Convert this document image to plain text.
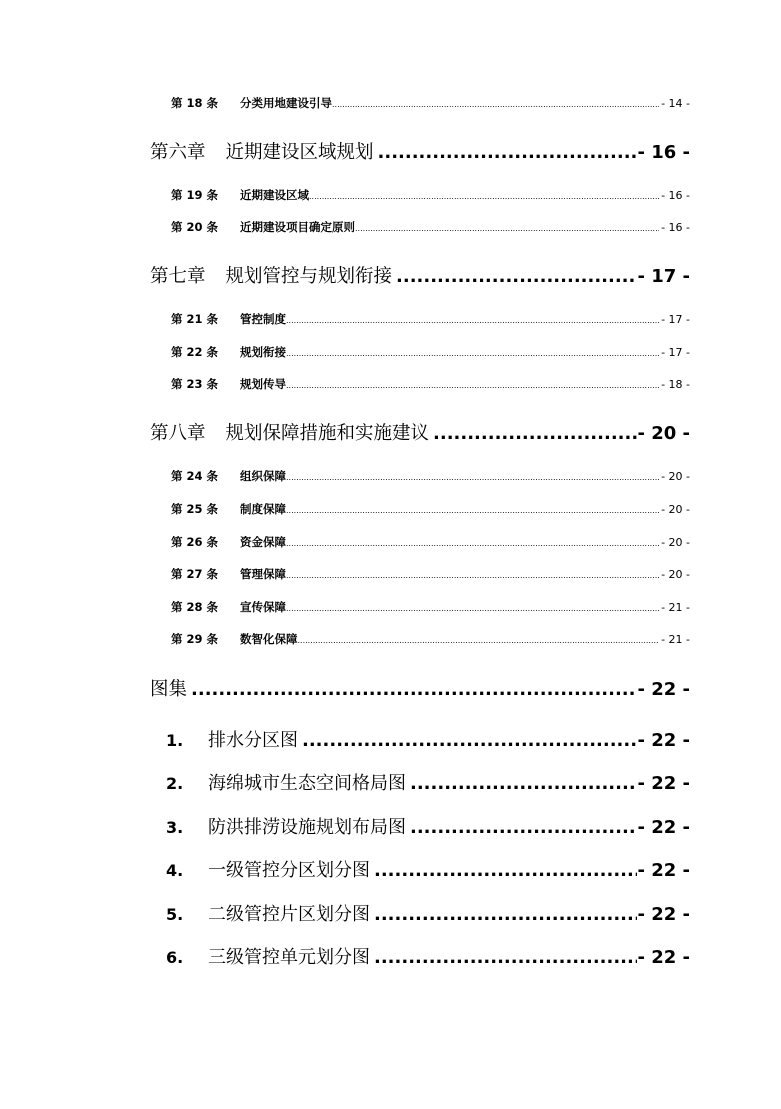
第 18 条	分类用地建设引导 .....	- 14 -
第六章 近期建设区域规划 .....	- 16 -
第 19 条	近期建设区域 .....	- 16 -
第 20 条	近期建设项目确定原则 .....	- 16 -
第七章 规划管控与规划衔接 .....	- 17 -
第 21 条	管控制度 .....	- 17 -
第 22 条	规划衔接 .....	- 17 -
第 23 条	规划传导 .....	- 18 -
第八章 规划保障措施和实施建议 .....	- 20 -
第 24 条	组织保障 .....	- 20 -
第 25 条	制度保障 .....	- 20 -
第 26 条	资金保障 .....	- 20 -
第 27 条	管理保障 .....	- 20 -
第 28 条	宣传保障 .....	- 21 -
第 29 条	数智化保障 .....	- 21 -
图集 .....	- 22 -
1.	排水分区图 .....	- 22 -
2.	海绵城市生态空间格局图 .....	- 22 -
3.	防洪排涝设施规划布局图 .....	- 22 -
4.	一级管控分区划分图 .....	- 22 -
5.	二级管控片区划分图 .....	- 22 -
6.	三级管控单元划分图 .....	- 22 -
